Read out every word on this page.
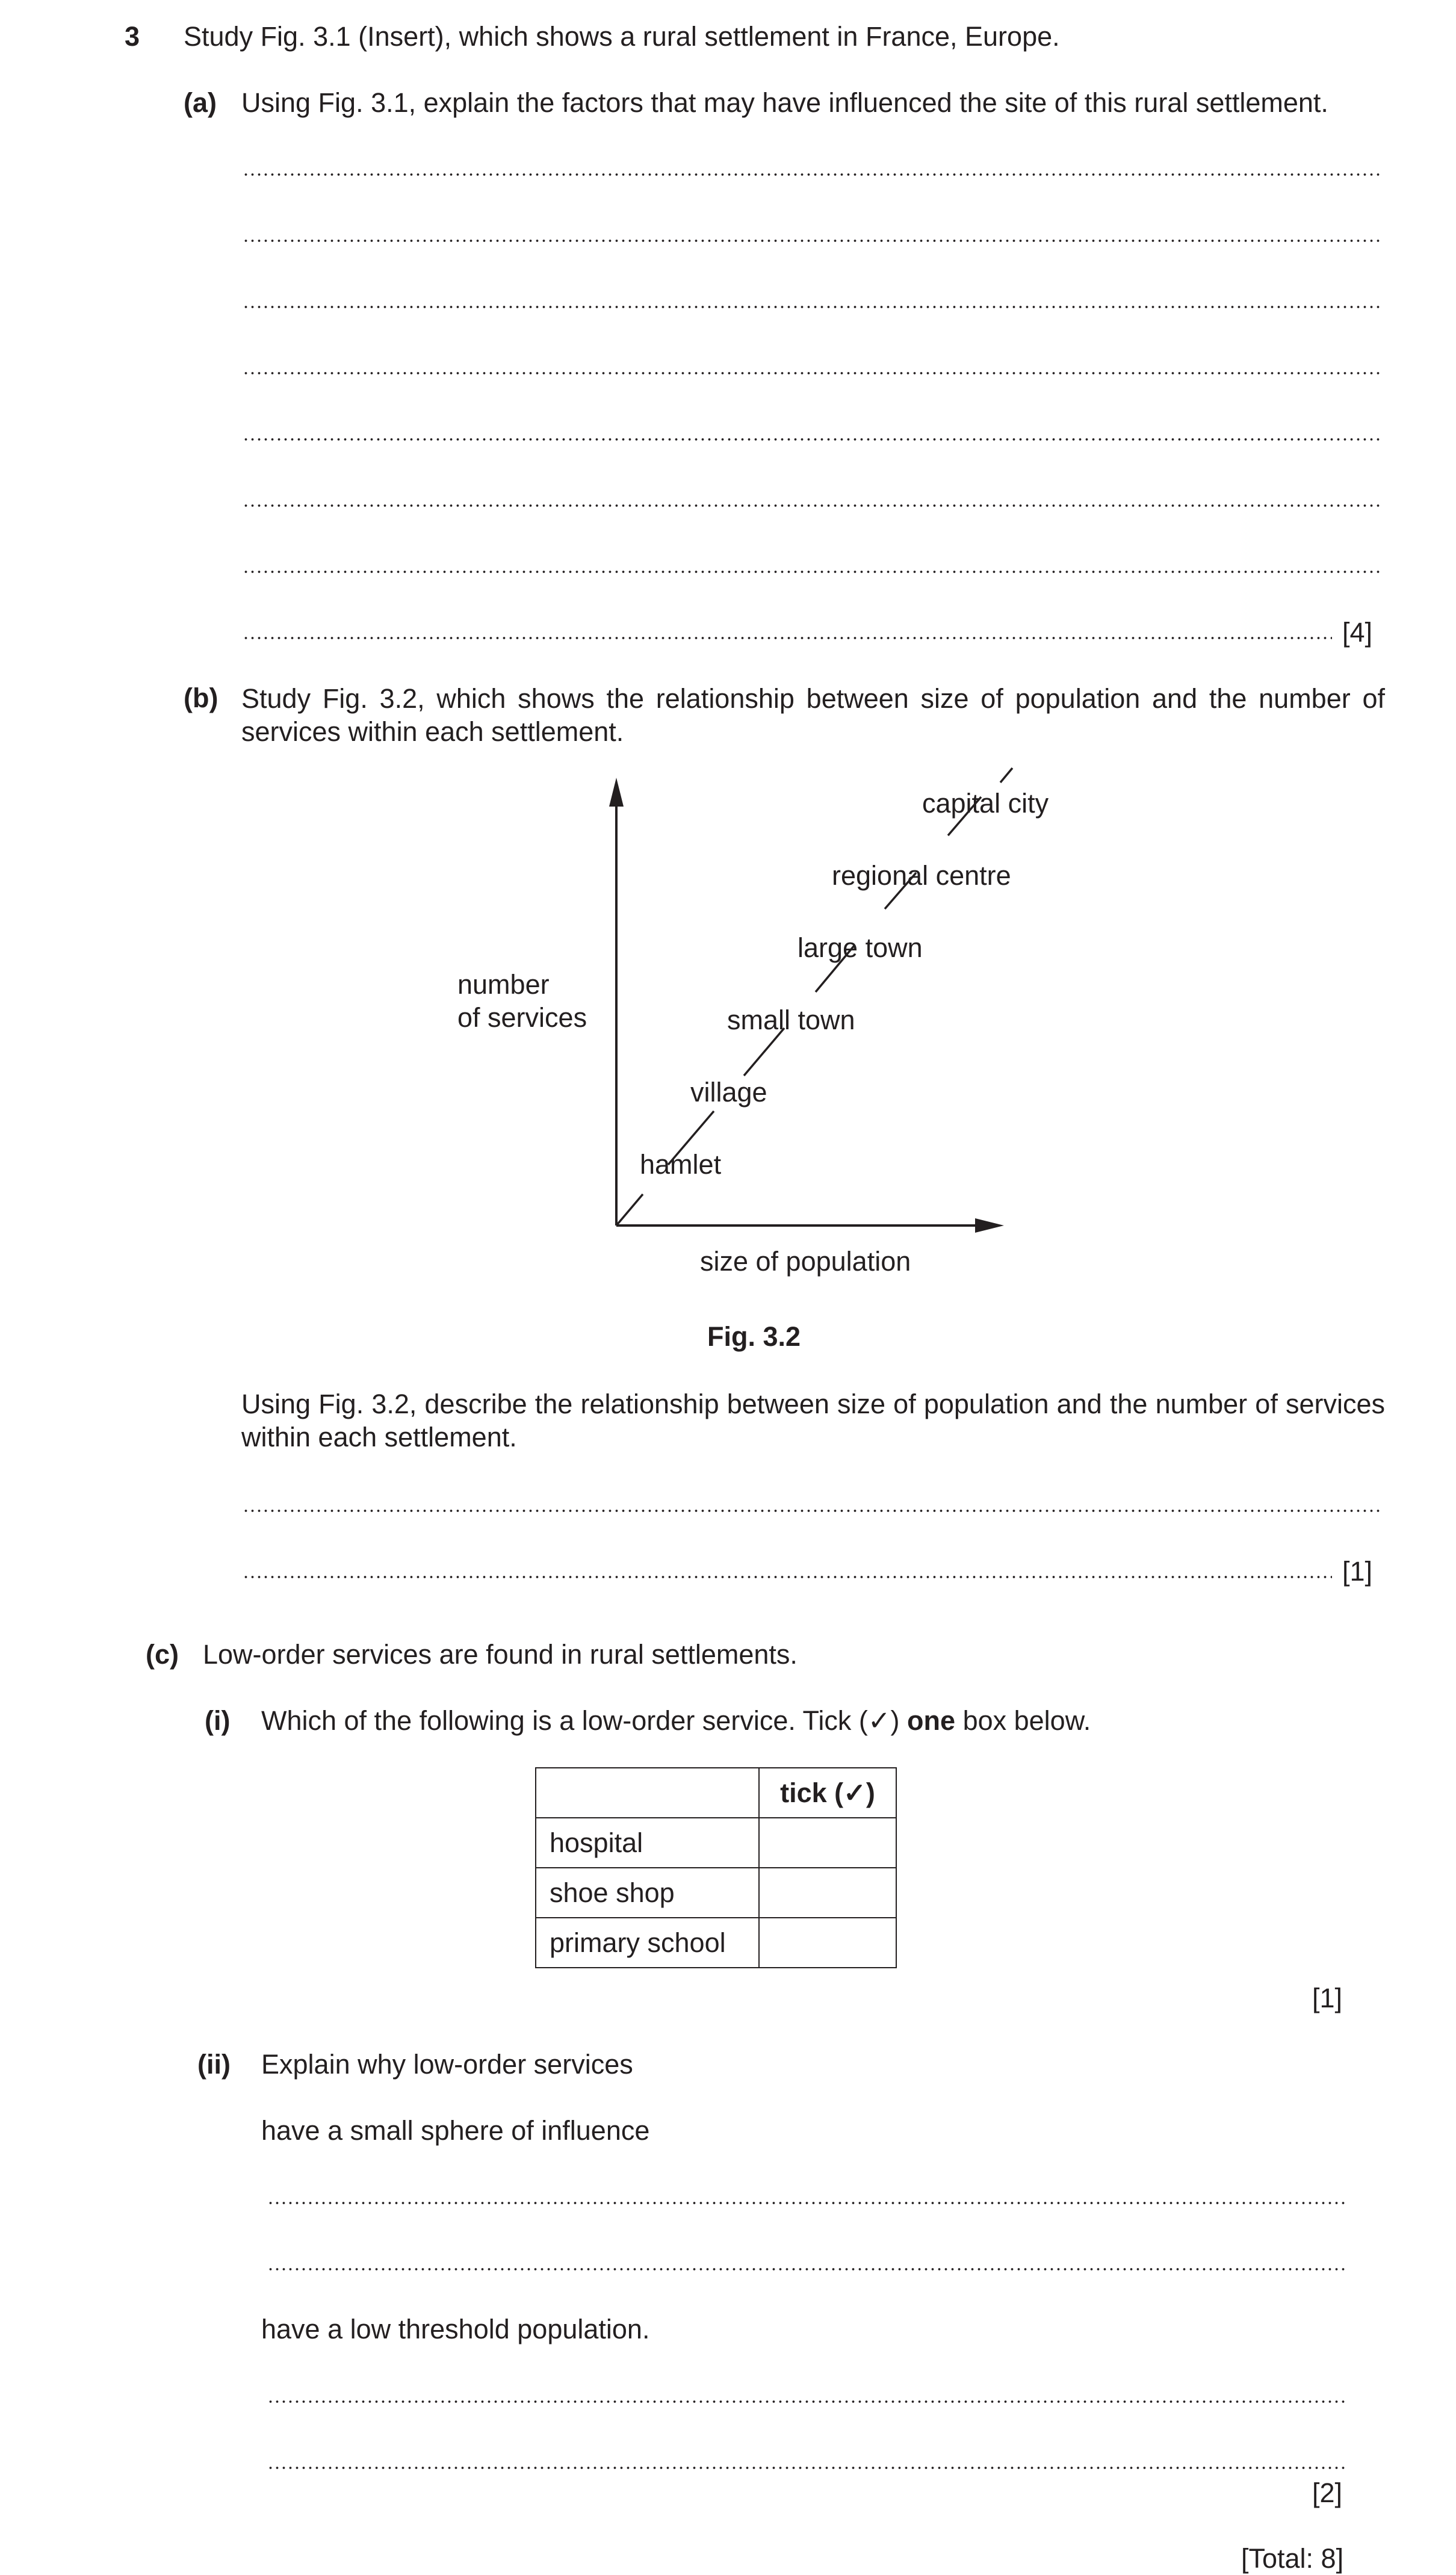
3 Study Fig. 3.1 (Insert), which shows a rural settlement in France, Europe.
(a) Using Fig. 3.1, explain the factors that may have influenced the site of this rural settlement.
[4]
(b) Study Fig. 3.2, which shows the relationship between size of population and the number of services within each settlement.
number
of services
size of population
hamlet
village
small town
large town
regional centre
capital city
Fig. 3.2
Using Fig. 3.2, describe the relationship between size of population and the number of services within each settlement.
[1]
(c) Low-order services are found in rural settlements.
(i) Which of the following is a low-order service. Tick (✓) one box below.
	tick (✓)
hospital	
shoe shop	
primary school	
[1]
(ii) Explain why low-order services
have a small sphere of influence
have a low threshold population.
[2]
[Total: 8]
